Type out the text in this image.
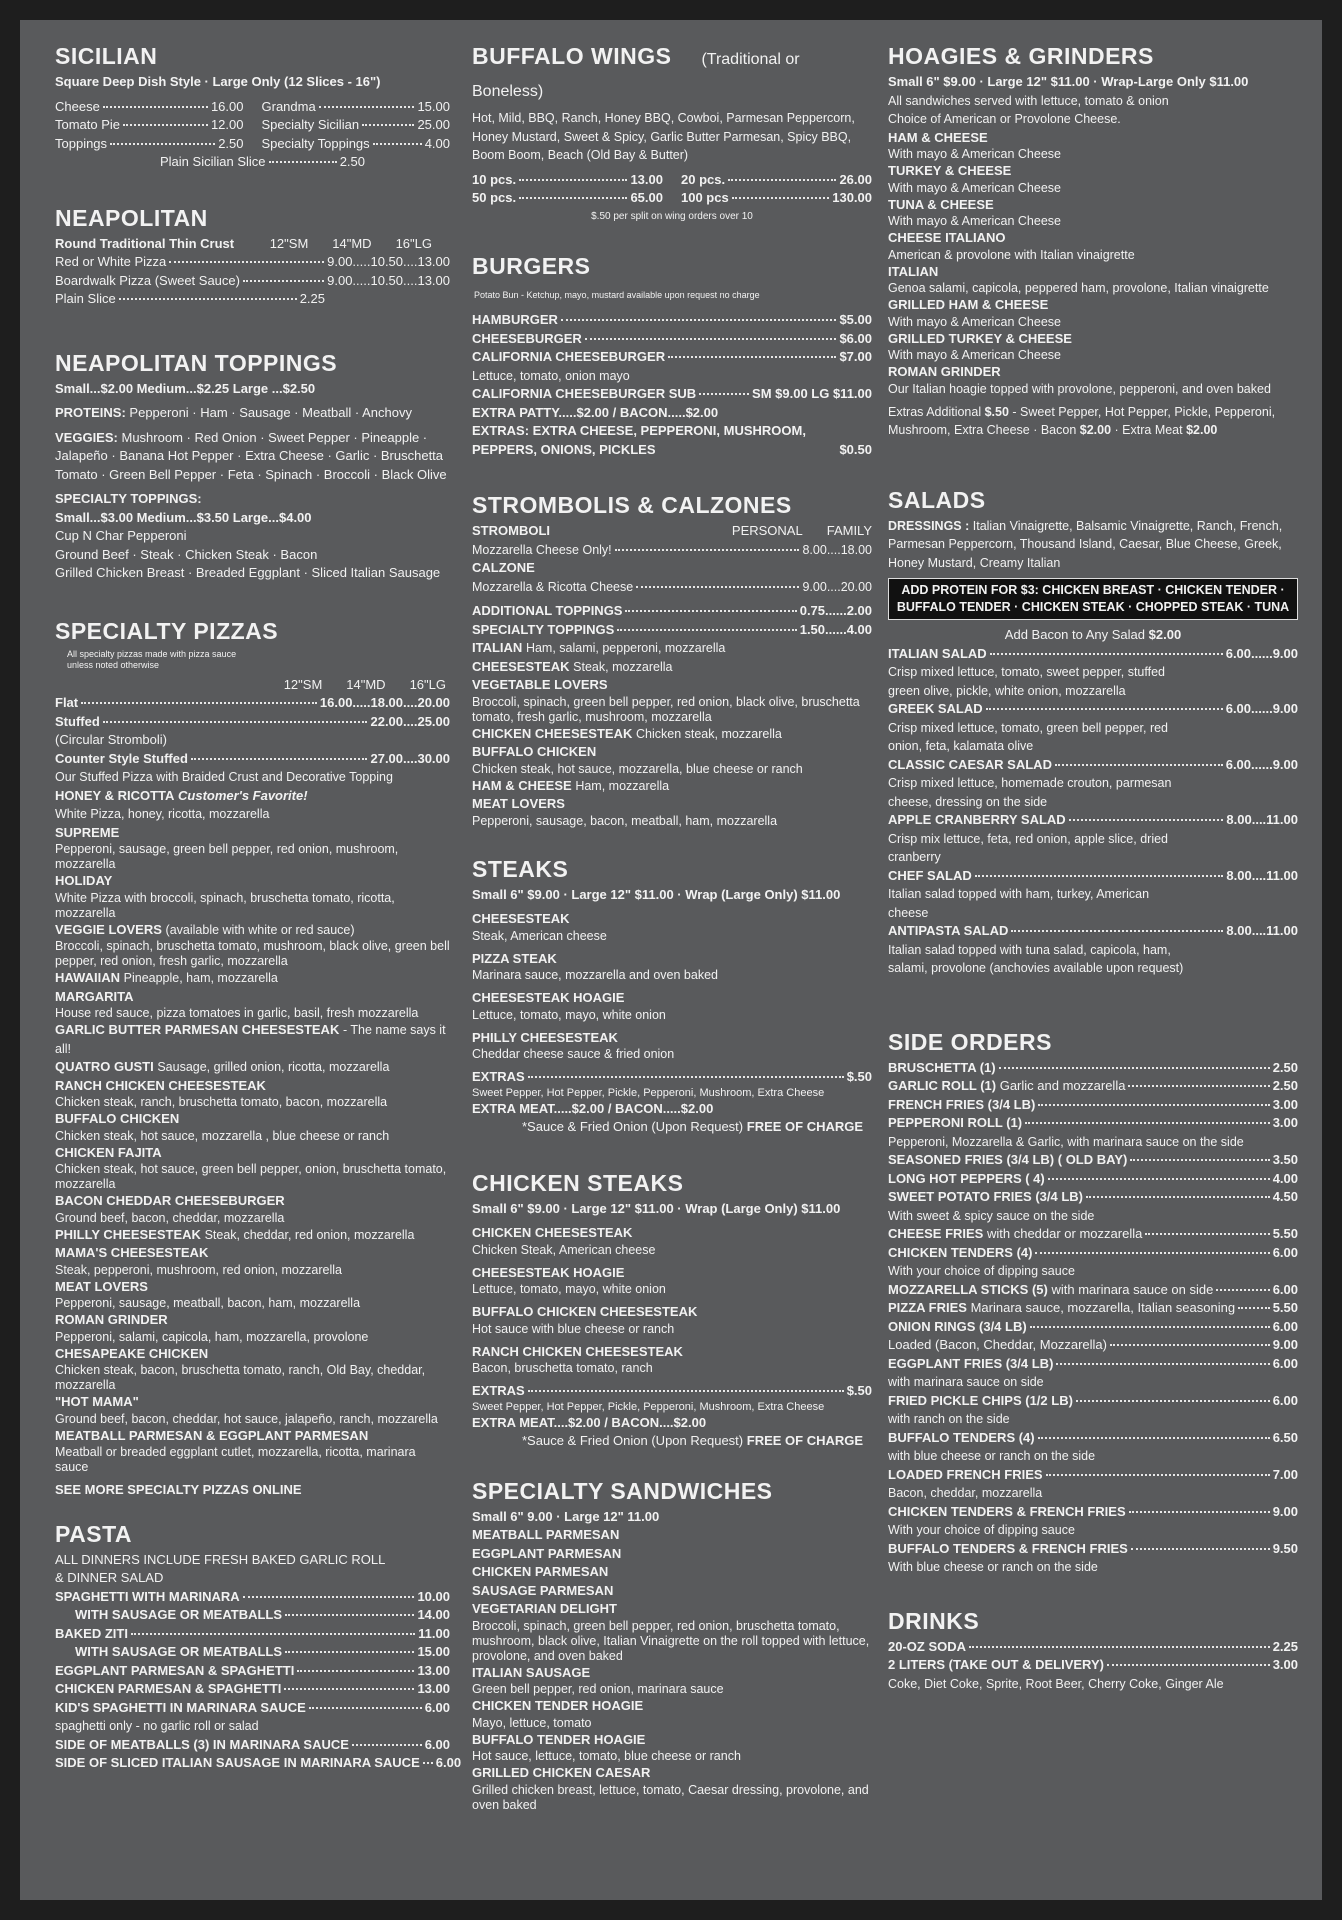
SICILIAN
Square Deep Dish Style · Large Only (12 Slices - 16")
Cheese	16.00 Grandma	15.00
Tomato Pie	12.00 Specialty Sicilian	25.00
Toppings	2.50 Specialty Toppings	4.00
Plain Sicilian Slice	2.50
NEAPOLITAN
Round Traditional Thin Crust	12"SM 14"MD 16"LG
Red or White Pizza	9.00.....10.50....13.00
Boardwalk Pizza (Sweet Sauce)	9.00.....10.50....13.00
Plain Slice	2.25
NEAPOLITAN TOPPINGS
Small...$2.00 Medium...$2.25 Large ...$2.50
PROTEINS: Pepperoni · Ham · Sausage · Meatball · Anchovy
VEGGIES: Mushroom · Red Onion · Sweet Pepper · Pineapple · Jalapeño · Banana Hot Pepper · Extra Cheese · Garlic · Bruschetta Tomato · Green Bell Pepper · Feta · Spinach · Broccoli · Black Olive
SPECIALTY TOPPINGS:
Small...$3.00 Medium...$3.50 Large...$4.00
Cup N Char Pepperoni
Ground Beef · Steak · Chicken Steak · Bacon
Grilled Chicken Breast · Breaded Eggplant · Sliced Italian Sausage
SPECIALTY PIZZASAll specialty pizzas made with pizza sauce unless noted otherwise
12"SM 14"MD 16"LG
Flat	16.00.....18.00....20.00
Stuffed	22.00....25.00
(Circular Stromboli)
Counter Style Stuffed	27.00....30.00
Our Stuffed Pizza with Braided Crust and Decorative Topping
HONEY & RICOTTA Customer's Favorite!
White Pizza, honey, ricotta, mozzarella
SUPREME
Pepperoni, sausage, green bell pepper, red onion, mushroom, mozzarella
HOLIDAY
White Pizza with broccoli, spinach, bruschetta tomato, ricotta, mozzarella
VEGGIE LOVERS (available with white or red sauce)
Broccoli, spinach, bruschetta tomato, mushroom, black olive, green bell pepper, red onion, fresh garlic, mozzarella
HAWAIIAN Pineapple, ham, mozzarella
MARGARITA
House red sauce, pizza tomatoes in garlic, basil, fresh mozzarella
GARLIC BUTTER PARMESAN CHEESESTEAK - The name says it all!
QUATRO GUSTI Sausage, grilled onion, ricotta, mozzarella
RANCH CHICKEN CHEESESTEAK
Chicken steak, ranch, bruschetta tomato, bacon, mozzarella
BUFFALO CHICKEN
Chicken steak, hot sauce, mozzarella , blue cheese or ranch
CHICKEN FAJITA
Chicken steak, hot sauce, green bell pepper, onion, bruschetta tomato, mozzarella
BACON CHEDDAR CHEESEBURGER
Ground beef, bacon, cheddar, mozzarella
PHILLY CHEESESTEAK Steak, cheddar, red onion, mozzarella
MAMA'S CHEESESTEAK
Steak, pepperoni, mushroom, red onion, mozzarella
MEAT LOVERS
Pepperoni, sausage, meatball, bacon, ham, mozzarella
ROMAN GRINDER
Pepperoni, salami, capicola, ham, mozzarella, provolone
CHESAPEAKE CHICKEN
Chicken steak, bacon, bruschetta tomato, ranch, Old Bay, cheddar, mozzarella
"HOT MAMA"
Ground beef, bacon, cheddar, hot sauce, jalapeño, ranch, mozzarella
MEATBALL PARMESAN & EGGPLANT PARMESAN
Meatball or breaded eggplant cutlet, mozzarella, ricotta, marinara sauce
SEE MORE SPECIALTY PIZZAS ONLINE
PASTA
ALL DINNERS INCLUDE FRESH BAKED GARLIC ROLL
& DINNER SALAD
SPAGHETTI WITH MARINARA	10.00
WITH SAUSAGE OR MEATBALLS	14.00
BAKED ZITI	11.00
WITH SAUSAGE OR MEATBALLS	15.00
EGGPLANT PARMESAN & SPAGHETTI	13.00
CHICKEN PARMESAN & SPAGHETTI	13.00
KID'S SPAGHETTI IN MARINARA SAUCE	6.00
spaghetti only - no garlic roll or salad
SIDE OF MEATBALLS (3) IN MARINARA SAUCE	6.00
SIDE OF SLICED ITALIAN SAUSAGE IN MARINARA SAUCE 6.00
BUFFALO WINGS (Traditional or Boneless)
Hot, Mild, BBQ, Ranch, Honey BBQ, Cowboi, Parmesan Peppercorn, Honey Mustard, Sweet & Spicy, Garlic Butter Parmesan, Spicy BBQ, Boom Boom, Beach (Old Bay & Butter)
10 pcs.	13.00 20 pcs.	26.00
50 pcs.	65.00 100 pcs	130.00
$.50 per split on wing orders over 10
BURGERSPotato Bun - Ketchup, mayo, mustard available upon request no charge
HAMBURGER	$5.00
CHEESEBURGER	$6.00
CALIFORNIA CHEESEBURGER	$7.00
Lettuce, tomato, onion mayo
CALIFORNIA CHEESEBURGER SUB	SM $9.00 LG $11.00
EXTRA PATTY.....$2.00 / BACON.....$2.00
EXTRAS: EXTRA CHEESE, PEPPERONI, MUSHROOM, PEPPERS, ONIONS, PICKLES	$0.50
STROMBOLIS & CALZONES
STROMBOLI	PERSONAL FAMILY
Mozzarella Cheese Only!	8.00....18.00
CALZONE
Mozzarella & Ricotta Cheese	9.00....20.00
ADDITIONAL TOPPINGS	0.75......2.00
SPECIALTY TOPPINGS	1.50......4.00
ITALIAN Ham, salami, pepperoni, mozzarella
CHEESESTEAK Steak, mozzarella
VEGETABLE LOVERS
Broccoli, spinach, green bell pepper, red onion, black olive, bruschetta tomato, fresh garlic, mushroom, mozzarella
CHICKEN CHEESESTEAK Chicken steak, mozzarella
BUFFALO CHICKEN
Chicken steak, hot sauce, mozzarella, blue cheese or ranch
HAM & CHEESE Ham, mozzarella
MEAT LOVERS
Pepperoni, sausage, bacon, meatball, ham, mozzarella
STEAKS
Small 6" $9.00 · Large 12" $11.00 · Wrap (Large Only) $11.00
CHEESESTEAK
Steak, American cheese
PIZZA STEAK
Marinara sauce, mozzarella and oven baked
CHEESESTEAK HOAGIE
Lettuce, tomato, mayo, white onion
PHILLY CHEESESTEAK
Cheddar cheese sauce & fried onion
EXTRAS	$.50
Sweet Pepper, Hot Pepper, Pickle, Pepperoni, Mushroom, Extra Cheese
EXTRA MEAT.....$2.00 / BACON.....$2.00
*Sauce & Fried Onion (Upon Request) FREE OF CHARGE
CHICKEN STEAKS
Small 6" $9.00 · Large 12" $11.00 · Wrap (Large Only) $11.00
CHICKEN CHEESESTEAK
Chicken Steak, American cheese
CHEESESTEAK HOAGIE
Lettuce, tomato, mayo, white onion
BUFFALO CHICKEN CHEESESTEAK
Hot sauce with blue cheese or ranch
RANCH CHICKEN CHEESESTEAK
Bacon, bruschetta tomato, ranch
EXTRAS	$.50
Sweet Pepper, Hot Pepper, Pickle, Pepperoni, Mushroom, Extra Cheese
EXTRA MEAT....$2.00 / BACON....$2.00
*Sauce & Fried Onion (Upon Request) FREE OF CHARGE
SPECIALTY SANDWICHES
Small 6" 9.00 · Large 12" 11.00
MEATBALL PARMESAN
EGGPLANT PARMESAN
CHICKEN PARMESAN
SAUSAGE PARMESAN
VEGETARIAN DELIGHT
Broccoli, spinach, green bell pepper, red onion, bruschetta tomato, mushroom, black olive, Italian Vinaigrette on the roll topped with lettuce, provolone, and oven baked
ITALIAN SAUSAGE
Green bell pepper, red onion, marinara sauce
CHICKEN TENDER HOAGIE
Mayo, lettuce, tomato
BUFFALO TENDER HOAGIE
Hot sauce, lettuce, tomato, blue cheese or ranch
GRILLED CHICKEN CAESAR
Grilled chicken breast, lettuce, tomato, Caesar dressing, provolone, and oven baked
HOAGIES & GRINDERS
Small 6" $9.00 · Large 12" $11.00 · Wrap-Large Only $11.00
All sandwiches served with lettuce, tomato & onion
Choice of American or Provolone Cheese.
HAM & CHEESE
With mayo & American Cheese
TURKEY & CHEESE
With mayo & American Cheese
TUNA & CHEESE
With mayo & American Cheese
CHEESE ITALIANO
American & provolone with Italian vinaigrette
ITALIAN
Genoa salami, capicola, peppered ham, provolone, Italian vinaigrette
GRILLED HAM & CHEESE
With mayo & American Cheese
GRILLED TURKEY & CHEESE
With mayo & American Cheese
ROMAN GRINDER
Our Italian hoagie topped with provolone, pepperoni, and oven baked
Extras Additional $.50 - Sweet Pepper, Hot Pepper, Pickle, Pepperoni, Mushroom, Extra Cheese · Bacon $2.00 · Extra Meat $2.00
SALADS
DRESSINGS : Italian Vinaigrette, Balsamic Vinaigrette, Ranch, French, Parmesan Peppercorn, Thousand Island, Caesar, Blue Cheese, Greek, Honey Mustard, Creamy Italian
ADD PROTEIN FOR $3: CHICKEN BREAST · CHICKEN TENDER · BUFFALO TENDER · CHICKEN STEAK · CHOPPED STEAK · TUNA
Add Bacon to Any Salad $2.00
ITALIAN SALAD	6.00......9.00
Crisp mixed lettuce, tomato, sweet pepper, stuffed green olive, pickle, white onion, mozzarella
GREEK SALAD	6.00......9.00
Crisp mixed lettuce, tomato, green bell pepper, red onion, feta, kalamata olive
CLASSIC CAESAR SALAD	6.00......9.00
Crisp mixed lettuce, homemade crouton, parmesan cheese, dressing on the side
APPLE CRANBERRY SALAD	8.00....11.00
Crisp mix lettuce, feta, red onion, apple slice, dried cranberry
CHEF SALAD	8.00....11.00
Italian salad topped with ham, turkey, American cheese
ANTIPASTA SALAD	8.00....11.00
Italian salad topped with tuna salad, capicola, ham, salami, provolone (anchovies available upon request)
SIDE ORDERS
BRUSCHETTA (1)	2.50
GARLIC ROLL (1) Garlic and mozzarella	2.50
FRENCH FRIES (3/4 LB)	3.00
PEPPERONI ROLL (1)	3.00
Pepperoni, Mozzarella & Garlic, with marinara sauce on the side
SEASONED FRIES (3/4 LB) ( OLD BAY)	3.50
LONG HOT PEPPERS ( 4)	4.00
SWEET POTATO FRIES (3/4 LB)	4.50
With sweet & spicy sauce on the side
CHEESE FRIES with cheddar or mozzarella	5.50
CHICKEN TENDERS (4)	6.00
With your choice of dipping sauce
MOZZARELLA STICKS (5) with marinara sauce on side	6.00
PIZZA FRIES Marinara sauce, mozzarella, Italian seasoning	5.50
ONION RINGS (3/4 LB)	6.00
Loaded (Bacon, Cheddar, Mozzarella)	9.00
EGGPLANT FRIES (3/4 LB)	6.00
with marinara sauce on side
FRIED PICKLE CHIPS (1/2 LB)	6.00
with ranch on the side
BUFFALO TENDERS (4)	6.50
with blue cheese or ranch on the side
LOADED FRENCH FRIES	7.00
Bacon, cheddar, mozzarella
CHICKEN TENDERS & FRENCH FRIES	9.00
With your choice of dipping sauce
BUFFALO TENDERS & FRENCH FRIES	9.50
With blue cheese or ranch on the side
DRINKS
20-OZ SODA	2.25
2 LITERS (TAKE OUT & DELIVERY)	3.00
Coke, Diet Coke, Sprite, Root Beer, Cherry Coke, Ginger Ale
